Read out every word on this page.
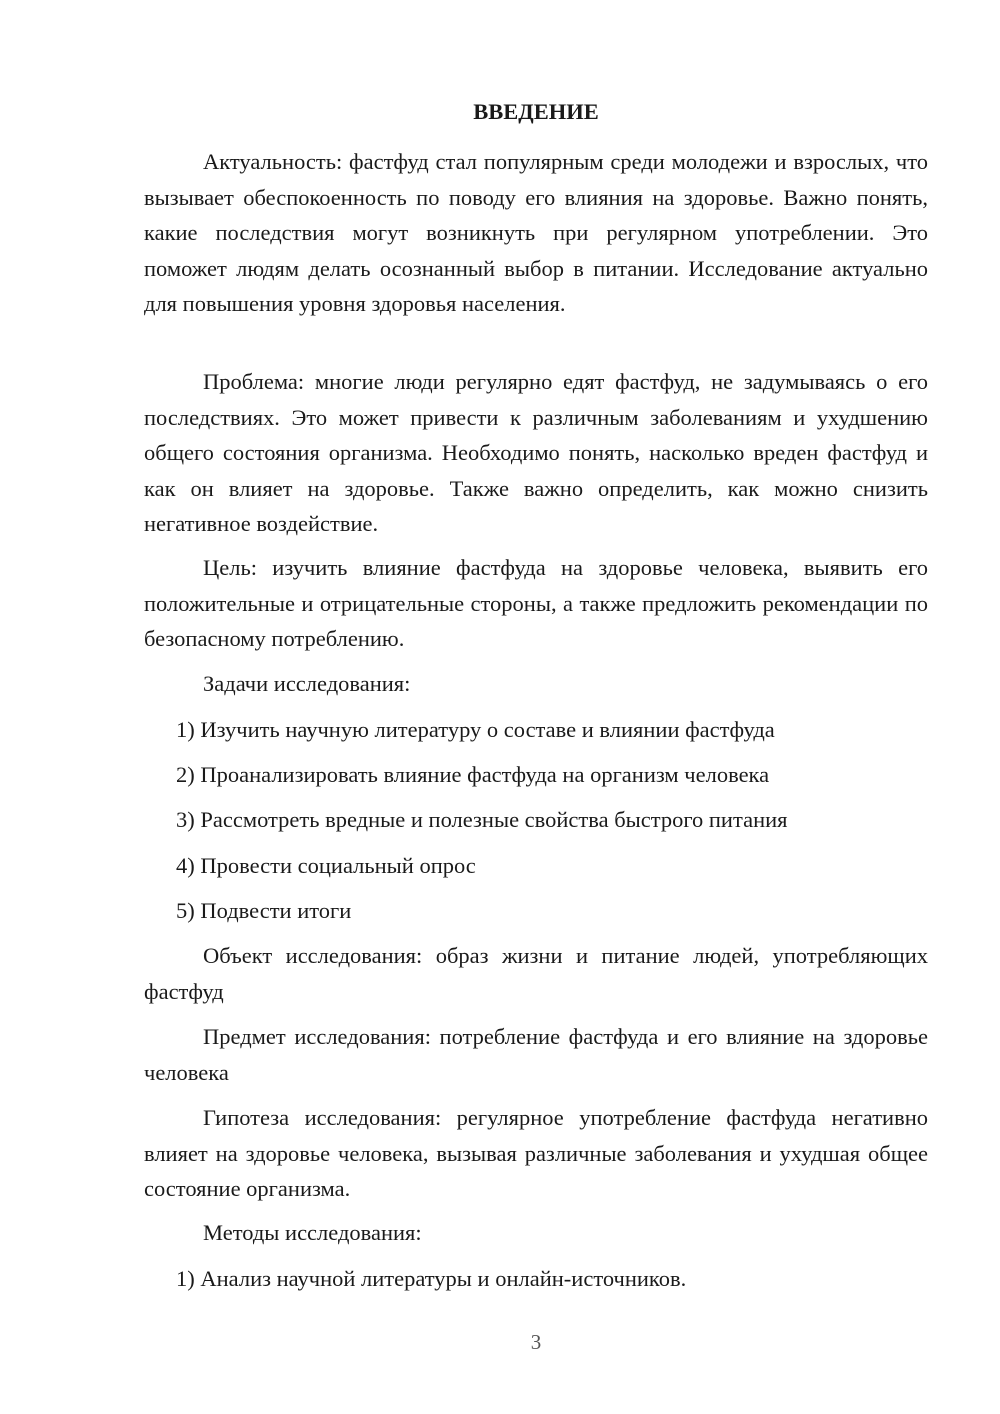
ВВЕДЕНИЕ

Актуальность: фастфуд стал популярным среди молодежи и взрослых, что вызывает обеспокоенность по поводу его влияния на здоровье. Важно понять, какие последствия могут возникнуть при регулярном употреблении. Это поможет людям делать осознанный выбор в питании. Исследование актуально для повышения уровня здоровья населения.

Проблема: многие люди регулярно едят фастфуд, не задумываясь о его последствиях. Это может привести к различным заболеваниям и ухудшению общего состояния организма. Необходимо понять, насколько вреден фастфуд и как он влияет на здоровье. Также важно определить, как можно снизить негативное воздействие.

Цель: изучить влияние фастфуда на здоровье человека, выявить его положительные и отрицательные стороны, а также предложить рекомендации по безопасному потреблению.

Задачи исследования:

1) Изучить научную литературу о составе и влиянии фастфуда

2) Проанализировать влияние фастфуда на организм человека

3) Рассмотреть вредные и полезные свойства быстрого питания

4) Провести социальный опрос

5) Подвести итоги

Объект исследования: образ жизни и питание людей, употребляющих фастфуд

Предмет исследования: потребление фастфуда и его влияние на здоровье человека

Гипотеза исследования: регулярное употребление фастфуда негативно влияет на здоровье человека, вызывая различные заболевания и ухудшая общее состояние организма.

Методы исследования:

1) Анализ научной литературы и онлайн-источников.

3
